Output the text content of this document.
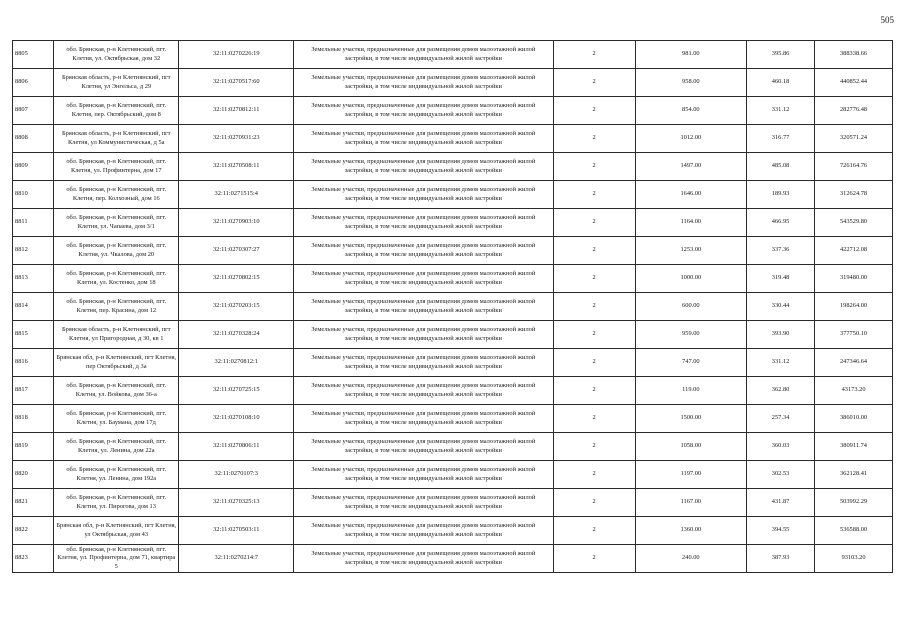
505
8805	обл. Брянская, р-н Клетнянский, пгт. Клетня, ул. Октябрьская, дом 32	32:11:0270226:19	Земельные участки, предназначенные для размещения домов малоэтажной жилой застройки, в том числе индивидуальной жилой застройки	2	981.00	395.86	388338.66
8806	Брянская область, р-н Клетнянский, пгт Клетня, ул Энгельса, д 29	32:11:0270517:60	Земельные участки, предназначенные для размещения домов малоэтажной жилой застройки, в том числе индивидуальной жилой застройки	2	958.00	460.18	440852.44
8807	обл. Брянская, р-н Клетнянский, пгт. Клетня, пер. Октябрьский, дом 8	32:11:0270812:11	Земельные участки, предназначенные для размещения домов малоэтажной жилой застройки, в том числе индивидуальной жилой застройки	2	854.00	331.12	282776.48
8808	Брянская область, р-н Клетнянский, пгт Клетня, ул Коммунистическая, д 5а	32:11:0270931:23	Земельные участки, предназначенные для размещения домов малоэтажной жилой застройки, в том числе индивидуальной жилой застройки	2	1012.00	316.77	320571.24
8809	обл. Брянская, р-н Клетнянский, пгт. Клетня, ул. Профинтерна, дом 17	32:11:0270508:11	Земельные участки, предназначенные для размещения домов малоэтажной жилой застройки, в том числе индивидуальной жилой застройки	2	1497.00	485.08	726164.76
8810	обл. Брянская, р-н Клетнянский, пгт. Клетня, пер. Колхозный, дом 16	32:11:0271515:4	Земельные участки, предназначенные для размещения домов малоэтажной жилой застройки, в том числе индивидуальной жилой застройки	2	1646.00	189.93	312624.78
8811	обл. Брянская, р-н Клетнянский, пгт. Клетня, ул. Чапаева, дом 3/1	32:11:0270903:10	Земельные участки, предназначенные для размещения домов малоэтажной жилой застройки, в том числе индивидуальной жилой застройки	2	1164.00	466.95	543529.80
8812	обл. Брянская, р-н Клетнянский, пгт. Клетня, ул. Чкалова, дом 20	32:11:0270307:27	Земельные участки, предназначенные для размещения домов малоэтажной жилой застройки, в том числе индивидуальной жилой застройки	2	1253.00	337.36	422712.08
8813	обл. Брянская, р-н Клетнянский, пгт. Клетня, ул. Костенко, дом 18	32:11:0270802:15	Земельные участки, предназначенные для размещения домов малоэтажной жилой застройки, в том числе индивидуальной жилой застройки	2	1000.00	319.48	319480.00
8814	обл. Брянская, р-н Клетнянский, пгт. Клетня, пер. Красина, дом 12	32:11:0270203:15	Земельные участки, предназначенные для размещения домов малоэтажной жилой застройки, в том числе индивидуальной жилой застройки	2	600.00	330.44	198264.00
8815	Брянская область, р-н Клетнянский, пгт Клетня, ул Пригородная, д 30, кв 1	32:11:0270328:24	Земельные участки, предназначенные для размещения домов малоэтажной жилой застройки, в том числе индивидуальной жилой застройки	2	959.00	393.90	377750.10
8816	Брянская обл, р-н Клетнянский, пгт Клетня, пер Октябрьский, д 3а	32:11:0270812:1	Земельные участки, предназначенные для размещения домов малоэтажной жилой застройки, в том числе индивидуальной жилой застройки	2	747.00	331.12	247346.64
8817	обл. Брянская, р-н Клетнянский, пгт. Клетня, ул. Войкова, дом 36-а	32:11:0270725:15	Земельные участки, предназначенные для размещения домов малоэтажной жилой застройки, в том числе индивидуальной жилой застройки	2	119.00	362.80	43173.20
8818	обл. Брянская, р-н Клетнянский, пгт. Клетня, ул. Баумана, дом 17д	32:11:0270108:10	Земельные участки, предназначенные для размещения домов малоэтажной жилой застройки, в том числе индивидуальной жилой застройки	2	1500.00	257.34	386010.00
8819	обл. Брянская, р-н Клетнянский, пгт. Клетня, ул. Ленина, дом 22а	32:11:0270806:11	Земельные участки, предназначенные для размещения домов малоэтажной жилой застройки, в том числе индивидуальной жилой застройки	2	1058.00	360.03	380911.74
8820	обл. Брянская, р-н Клетнянский, пгт. Клетня, ул. Ленина, дом 192а	32:11:0270107:3	Земельные участки, предназначенные для размещения домов малоэтажной жилой застройки, в том числе индивидуальной жилой застройки	2	1197.00	302.53	362128.41
8821	обл. Брянская, р-н Клетнянский, пгт. Клетня, ул. Пирогова, дом 13	32:11:0270325:13	Земельные участки, предназначенные для размещения домов малоэтажной жилой застройки, в том числе индивидуальной жилой застройки	2	1167.00	431.87	503992.29
8822	Брянская обл, р-н Клетнянский, пгт Клетня, ул Октябрьская, дом 43	32:11:0270503:11	Земельные участки, предназначенные для размещения домов малоэтажной жилой застройки, в том числе индивидуальной жилой застройки	2	1360.00	394.55	536588.00
8823	обл. Брянская, р-н Клетнянский, пгт. Клетня, ул. Профинтерна, дом 71, квартира 5	32:11:0270214:7	Земельные участки, предназначенные для размещения домов малоэтажной жилой застройки, в том числе индивидуальной жилой застройки	2	240.00	387.93	93103.20
